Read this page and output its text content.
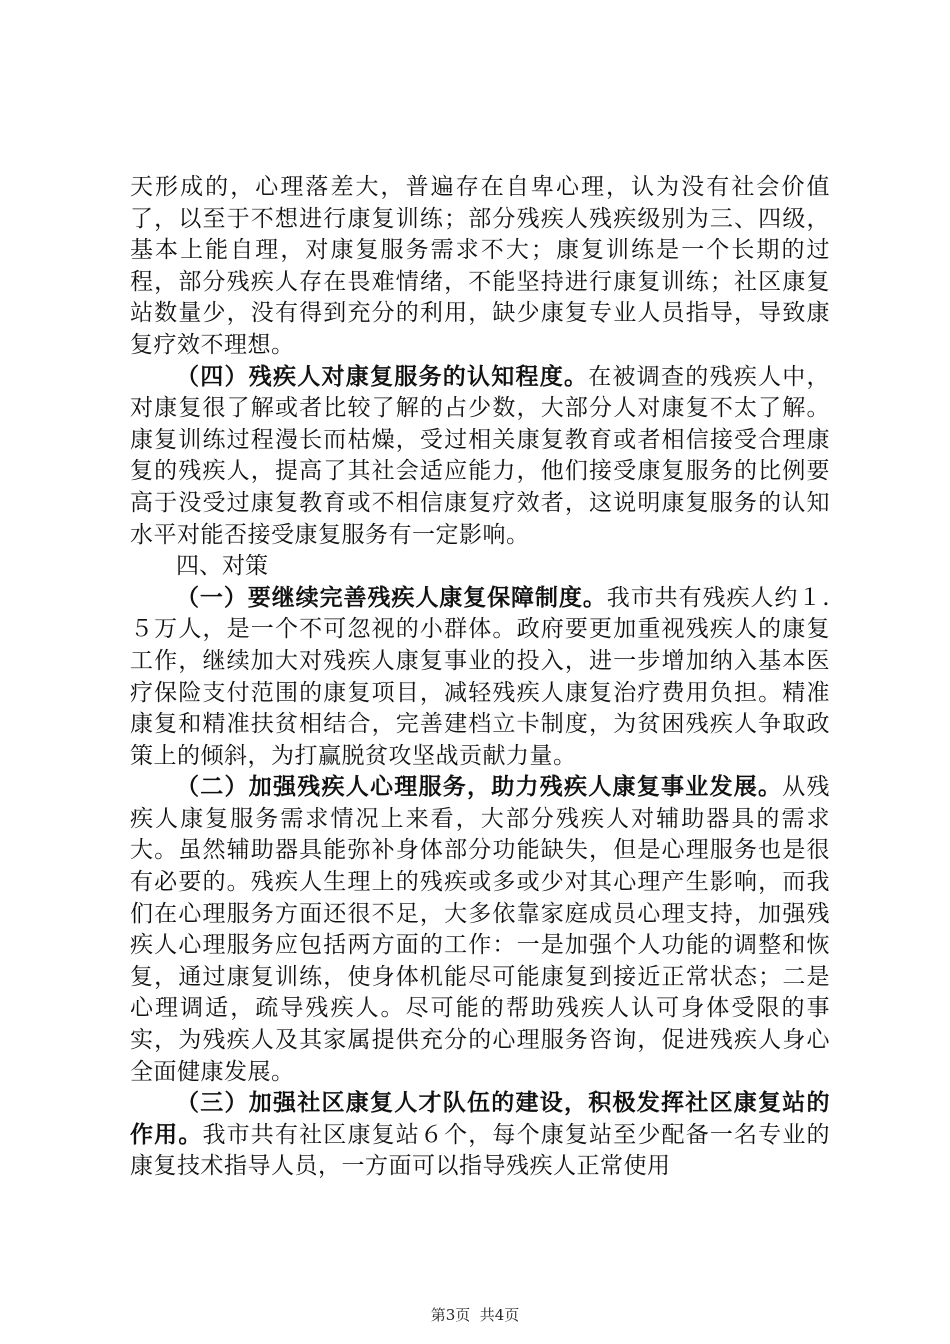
天形成的，心理落差大，普遍存在自卑心理，认为没有社会价值了，以至于不想进行康复训练；部分残疾人残疾级别为三、四级，基本上能自理，对康复服务需求不大；康复训练是一个长期的过程，部分残疾人存在畏难情绪，不能坚持进行康复训练；社区康复站数量少，没有得到充分的利用，缺少康复专业人员指导，导致康复疗效不理想。

（四）残疾人对康复服务的认知程度。在被调查的残疾人中，对康复很了解或者比较了解的占少数，大部分人对康复不太了解。康复训练过程漫长而枯燥，受过相关康复教育或者相信接受合理康复的残疾人，提高了其社会适应能力，他们接受康复服务的比例要高于没受过康复教育或不相信康复疗效者，这说明康复服务的认知水平对能否接受康复服务有一定影响。

四、对策

（一）要继续完善残疾人康复保障制度。我市共有残疾人约１.５万人，是一个不可忽视的小群体。政府要更加重视残疾人的康复工作，继续加大对残疾人康复事业的投入，进一步增加纳入基本医疗保险支付范围的康复项目，减轻残疾人康复治疗费用负担。精准康复和精准扶贫相结合，完善建档立卡制度，为贫困残疾人争取政策上的倾斜，为打赢脱贫攻坚战贡献力量。

（二）加强残疾人心理服务，助力残疾人康复事业发展。从残疾人康复服务需求情况上来看，大部分残疾人对辅助器具的需求大。虽然辅助器具能弥补身体部分功能缺失，但是心理服务也是很有必要的。残疾人生理上的残疾或多或少对其心理产生影响，而我们在心理服务方面还很不足，大多依靠家庭成员心理支持，加强残疾人心理服务应包括两方面的工作：一是加强个人功能的调整和恢复，通过康复训练，使身体机能尽可能康复到接近正常状态；二是心理调适，疏导残疾人。尽可能的帮助残疾人认可身体受限的事实，为残疾人及其家属提供充分的心理服务咨询，促进残疾人身心全面健康发展。

（三）加强社区康复人才队伍的建设，积极发挥社区康复站的作用。我市共有社区康复站６个，每个康复站至少配备一名专业的康复技术指导人员，一方面可以指导残疾人正常使用

第3页  共4页
